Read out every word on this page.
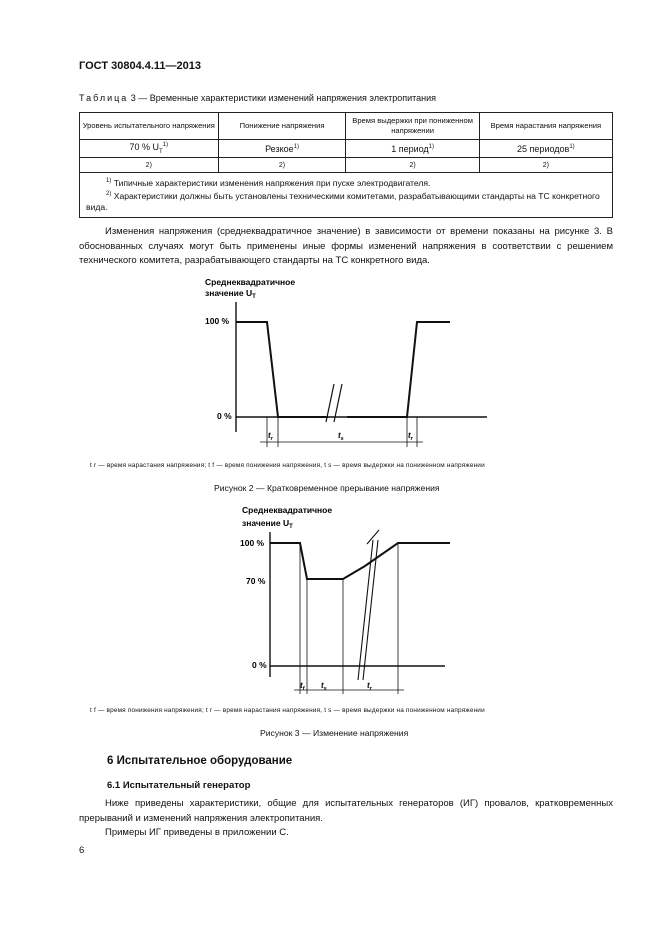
ГОСТ 30804.4.11—2013
Таблица 3 — Временные характеристики изменений напряжения электропитания
Уровень испытательного напряжения	Понижение напряжения	Время выдержки при пониженном напряжении	Время нарастания напряжения
70 % $U_T^{1)}$	Резкое$^{1)}$	1 период$^{1)}$	25 периодов$^{1)}$
2)	2)	2)	2)

$^{1)}$ Типичные характеристики изменения напряжения при пуске электродвигателя.
$^{2)}$ Характеристики должны быть установлены техническими комитетами, разрабатывающими стандарты на ТС конкретного вида.			

Изменения напряжения (среднеквадратичное значение) в зависимости от времени показаны на рисунке 3. В обоснованных случаях могут быть применены иные формы изменений напряжения в соответствии с решением технического комитета, разрабатывающего стандарты на ТС конкретного вида.

Среднеквадратичное
значение $U_T$
100 %
0 %
$t_r$	$t_s$	$t_r$
t r — время нарастания напряжения; t f — время понижения напряжения, t s — время выдержки на пониженном напряжении
Рисунок 2 — Кратковременное прерывание напряжения
Среднеквадратичное
значение $U_T$
100 %
70 %
0 %
$t_f$ $t_s$	$t_r$
t f — время понижения напряжения; t r — время нарастания напряжения, t s — время выдержки на пониженном напряжении
Рисунок 3 — Изменение напряжения
6 Испытательное оборудование
6.1 Испытательный генератор

Ниже приведены характеристики, общие для испытательных генераторов (ИГ) провалов, кратковременных прерываний и изменений напряжения электропитания.

Примеры ИГ приведены в приложении С.

6
